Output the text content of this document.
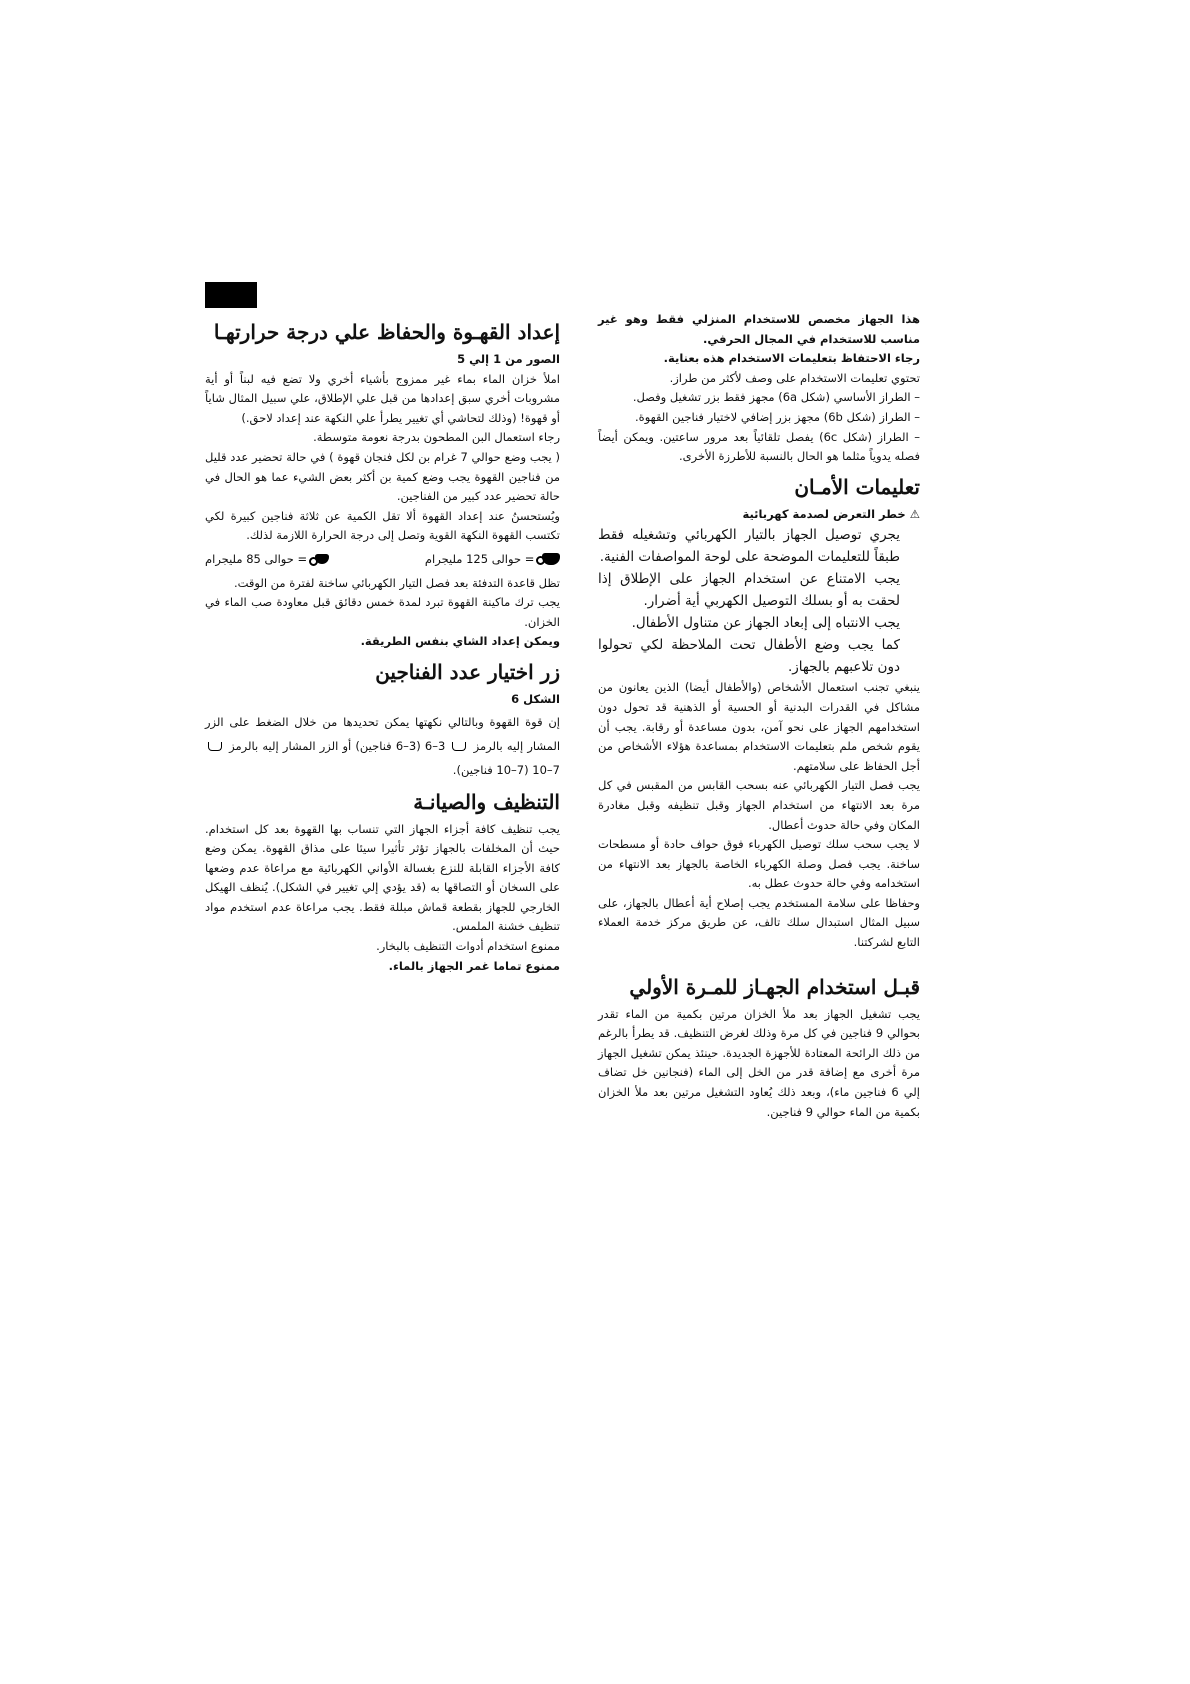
هذا الجهاز مخصص للاستخدام المنزلي فقط وهو غير مناسب للاستخدام في المجال الحرفي.

رجاء الاحتفاظ بتعليمات الاستخدام هذه بعناية.

تحتوي تعليمات الاستخدام على وصف لأكثر من طراز.

– الطراز الأساسي (شكل 6a) مجهز فقط بزر تشغيل وفصل.

– الطراز (شكل 6b) مجهز بزر إضافي لاختيار فناجين القهوة.

– الطراز (شكل 6c) يفصل تلقائياً بعد مرور ساعتين. ويمكن أيضاً فصله يدوياً مثلما هو الحال بالنسبة للأطرزة الأخرى.

تعليمات الأمـان

⚠ خطر التعرض لصدمة كهربائية

يجري توصيل الجهاز بالتيار الكهربائي وتشغيله فقط طبقاً للتعليمات الموضحة على لوحة المواصفات الفنية.

يجب الامتناع عن استخدام الجهاز على الإطلاق إذا لحقت به أو بسلك التوصيل الكهربي أية أضرار.

يجب الانتباه إلى إبعاد الجهاز عن متناول الأطفال.

كما يجب وضع الأطفال تحت الملاحظة لكي تحولوا دون تلاعبهم بالجهاز.

ينبغي تجنب استعمال الأشخاص (والأطفال أيضا) الذين يعانون من مشاكل في القدرات البدنية أو الحسية أو الذهنية قد تحول دون استخدامهم الجهاز على نحو آمن، بدون مساعدة أو رقابة. يجب أن يقوم شخص ملم بتعليمات الاستخدام بمساعدة هؤلاء الأشخاص من أجل الحفاظ على سلامتهم.

يجب فصل التيار الكهربائي عنه بسحب القابس من المقبس في كل مرة بعد الانتهاء من استخدام الجهاز وقبل تنظيفه وقبل مغادرة المكان وفي حالة حدوث أعطال.

لا يجب سحب سلك توصيل الكهرباء فوق حواف حادة أو مسطحات ساخنة. يجب فصل وصلة الكهرباء الخاصة بالجهاز بعد الانتهاء من استخدامه وفي حالة حدوث عطل به.

وحفاظا على سلامة المستخدم يجب إصلاح أية أعطال بالجهاز، على سبيل المثال استبدال سلك تالف، عن طريق مركز خدمة العملاء التابع لشركتنا.

قبـل استخدام الجهـاز للمـرة الأولي

يجب تشغيل الجهاز بعد ملأ الخزان مرتين بكمية من الماء تقدر بحوالي 9 فناجين في كل مرة وذلك لغرض التنظيف. قد يطرأ بالرغم من ذلك الرائحة المعتادة للأجهزة الجديدة. حينئذ يمكن تشغيل الجهاز مرة أخرى مع إضافة قدر من الخل إلى الماء (فنجانين خل تضاف إلي 6 فناجين ماء)، وبعد ذلك يُعاود التشغيل مرتين بعد ملأ الخزان بكمية من الماء حوالي 9 فناجين.

إعداد القهـوة والحفاظ علي درجة حرارتهـا

الصور من 1 إلي 5

املأ خزان الماء بماء غير ممزوج بأشياء أخري ولا تضع فيه لبناً أو أية مشروبات أخري سبق إعدادها من قبل علي الإطلاق، علي سبيل المثال شاياً أو قهوة! (وذلك لتحاشي أي تغيير يطرأ علي النكهة عند إعداد لاحق.)

رجاء استعمال البن المطحون بدرجة نعومة متوسطة.

( يجب وضع حوالي 7 غرام بن لكل فنجان قهوة ) في حالة تحضير عدد قليل من فناجين القهوة يجب وضع كمية بن أكثر بعض الشيء عما هو الحال في حالة تحضير عدد كبير من الفناجين.

ويُستحسنُ عند إعداد القهوة ألا تقل الكمية عن ثلاثة فناجين كبيرة لكي تكتسب القهوة النكهة القوية وتصل إلى درجة الحرارة اللازمة لذلك.

= حوالى 125 مليجرام
= حوالى 85 مليجرام

تظل قاعدة التدفئة بعد فصل التيار الكهربائي ساخنة لفترة من الوقت.

يجب ترك ماكينة القهوة تبرد لمدة خمس دقائق قبل معاودة صب الماء في الخزان.

ويمكن إعداد الشاي بنفس الطريقة.

زر اختيار عدد الفناجين

الشكل 6

إن قوة القهوة وبالتالي نكهتها يمكن تحديدها من خلال الضغط على الزر المشار إليه بالرمز  3–6 (3–6 فناجين) أو الزر المشار إليه بالرمز  7–10 (7–10 فناجين).

التنظيف والصيانـة

يجب تنظيف كافة أجزاء الجهاز التي تنساب بها القهوة بعد كل استخدام. حيث أن المخلفات بالجهاز تؤثر تأثيرا سيئا على مذاق القهوة. يمكن وضع كافة الأجزاء القابلة للنزع بغسالة الأواني الكهربائية مع مراعاة عدم وضعها على السخان أو التصاقها به (قد يؤدي إلي تغيير في الشكل). يُنظف الهيكل الخارجي للجهاز بقطعة قماش مبللة فقط. يجب مراعاة عدم استخدم مواد تنظيف خشنة الملمس.

ممنوع استخدام أدوات التنظيف بالبخار.

ممنوع تماما غمر الجهاز بالماء.
